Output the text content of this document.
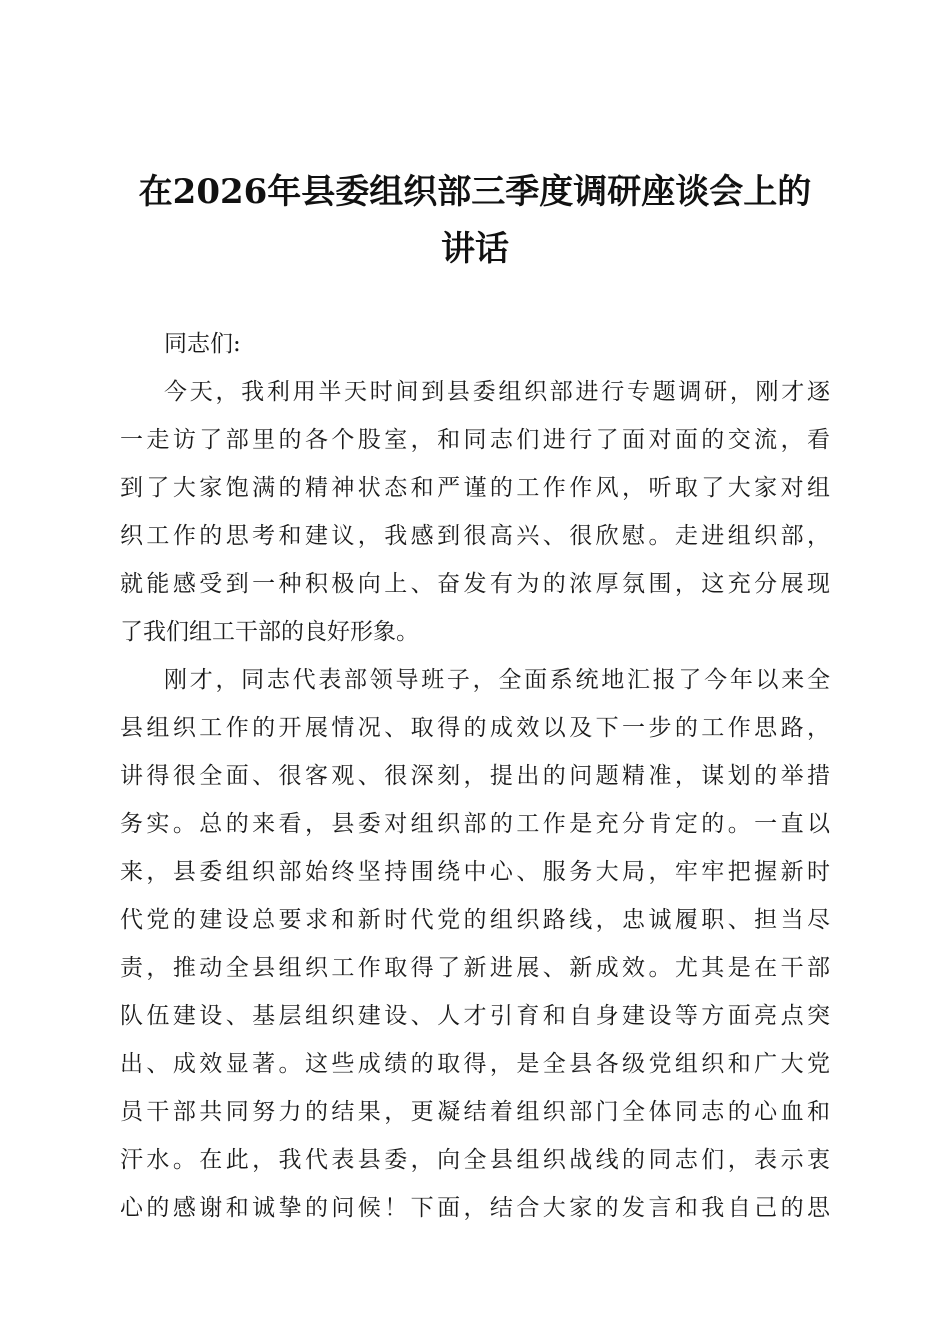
在2026年县委组织部三季度调研座谈会上的
讲话

同志们:

今天，我利用半天时间到县委组织部进行专题调研，刚才逐
一走访了部里的各个股室，和同志们进行了面对面的交流，看
到了大家饱满的精神状态和严谨的工作作风，听取了大家对组
织工作的思考和建议，我感到很高兴、很欣慰。走进组织部，
就能感受到一种积极向上、奋发有为的浓厚氛围，这充分展现
了我们组工干部的良好形象。

刚才，同志代表部领导班子，全面系统地汇报了今年以来全
县组织工作的开展情况、取得的成效以及下一步的工作思路，
讲得很全面、很客观、很深刻，提出的问题精准，谋划的举措
务实。总的来看，县委对组织部的工作是充分肯定的。一直以
来，县委组织部始终坚持围绕中心、服务大局，牢牢把握新时
代党的建设总要求和新时代党的组织路线，忠诚履职、担当尽
责，推动全县组织工作取得了新进展、新成效。尤其是在干部
队伍建设、基层组织建设、人才引育和自身建设等方面亮点突
出、成效显著。这些成绩的取得，是全县各级党组织和广大党
员干部共同努力的结果，更凝结着组织部门全体同志的心血和
汗水。在此，我代表县委，向全县组织战线的同志们，表示衷
心的感谢和诚挚的问候！下面，结合大家的发言和我自己的思
